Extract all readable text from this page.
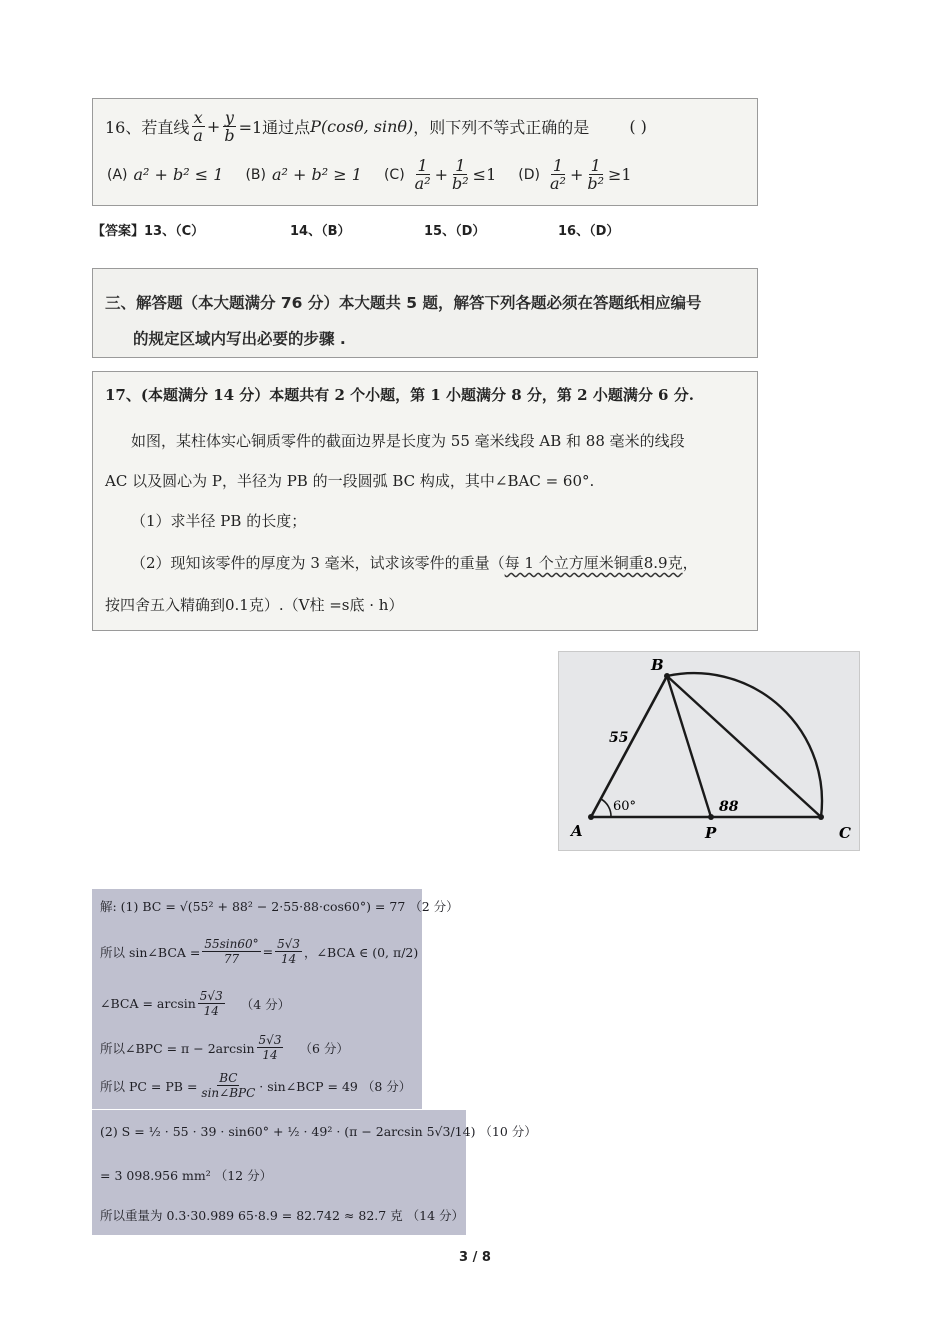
16、若直线 $\frac{x}{a} + \frac{y}{b} =1$通过点 P(cosθ, sinθ) ，则下列不等式正确的是	( )
(A) a² + b² ≤ 1 (B) a² + b² ≥ 1 $(C) \frac{1}{\text{a²}} + \frac{1}{\text{b²}} \le 1$ $(D) \frac{1}{\text{a²}} + \frac{1}{\text{b²}} \ge 1$
【答案】13、（C）	14、（B）	15、（D）	16、（D）
三、解答题（本大题满分 76 分）本大题共 5 题，解答下列各题必须在答题纸相应编号
的规定区域内写出必要的步骤 .
17、(本题满分 14 分）本题共有 2 个小题，第 1 小题满分 8 分，第 2 小题满分 6 分.
如图，某柱体实心铜质零件的截面边界是长度为 55 毫米线段 AB 和 88 毫米的线段
AC 以及圆心为 P，半径为 PB 的一段圆弧 BC 构成，其中∠BAC = 60°.
（1）求半径 PB 的长度；
（2）现知该零件的厚度为 3 毫米，试求该零件的重量（每 1 个立方厘米铜重8.9克，
按四舍五入精确到0.1克）.（V柱 =s底 · h）
B
A	P	C
55
88
60°
解: (1) BC = √(55² + 88² − 2·55·88·cos60°) = 77 （2 分）
所以 sin∠BCA = $\frac{55\sin 60^\circ}{77} = \frac{5√3}{14}$ ，∠BCA ∈ (0, π/2)
∠BCA = $\arcsin \frac{5√3}{14} (4$ 分）
所以∠BPC = $\pi - 2\arcsin \frac{5√3}{14} (6$ 分）
所以 PC = PB = $\frac{BC}{\text{sin∠BPC}}$ · sin∠BCP = 49 （8 分）
(2) S = ½ · 55 · 39 · sin60° + ½ · 49² · (π − 2arcsin 5√3/14) （10 分）
= 3 098.956 mm² （12 分）
所以重量为 0.3·30.989 65·8.9 = 82.742 ≈ 82.7 克 （14 分）
3 / 8
